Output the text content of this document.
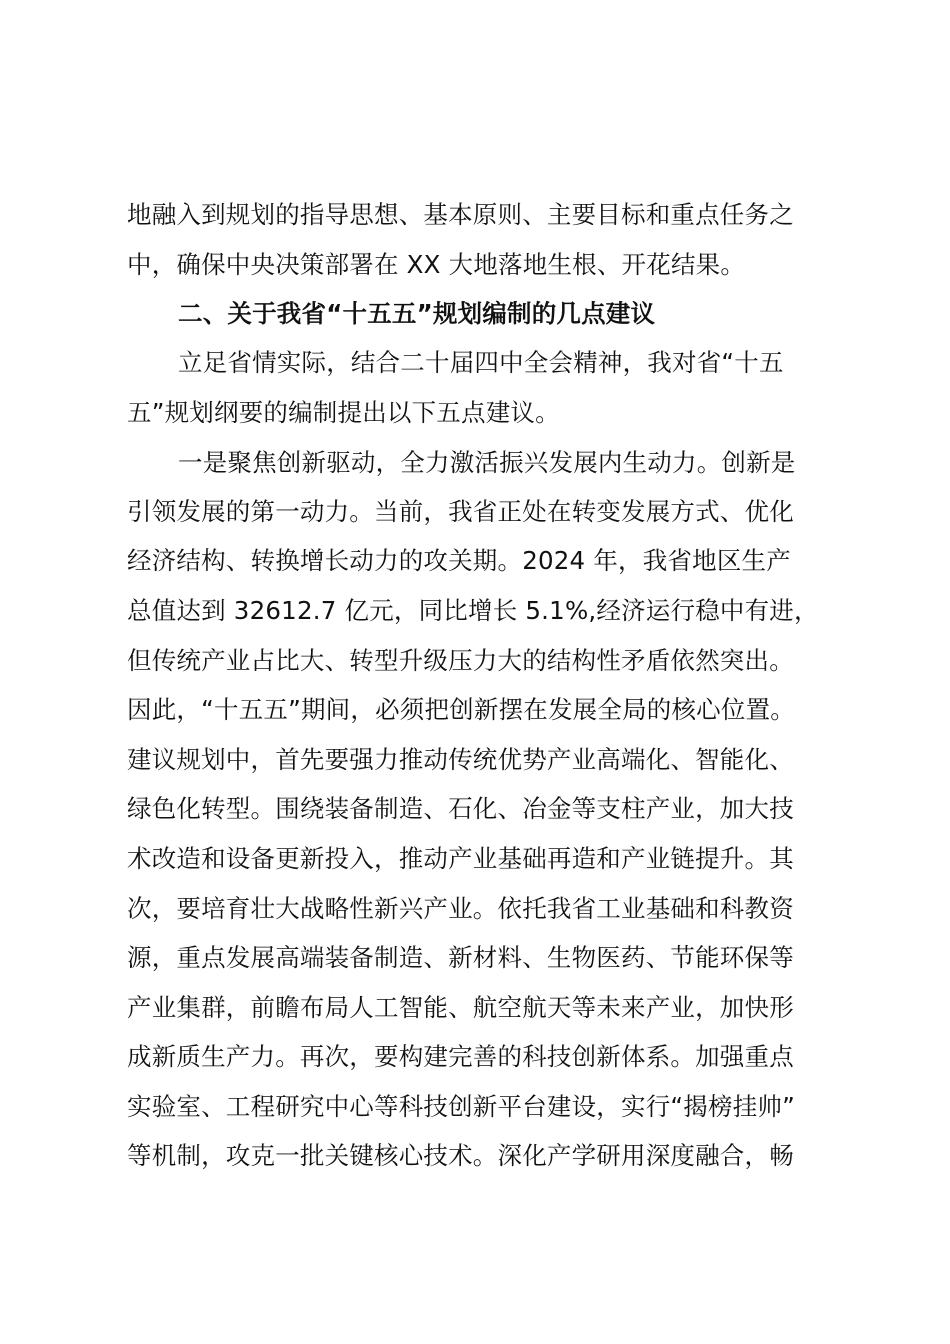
地融入到规划的指导思想、基本原则、主要目标和重点任务之
中，确保中央决策部署在 XX 大地落地生根、开花结果。
二、关于我省“十五五”规划编制的几点建议
立足省情实际，结合二十届四中全会精神，我对省“十五
五”规划纲要的编制提出以下五点建议。
一是聚焦创新驱动，全力激活振兴发展内生动力。创新是
引领发展的第一动力。当前，我省正处在转变发展方式、优化
经济结构、转换增长动力的攻关期。2024 年，我省地区生产
总值达到 32612.7 亿元，同比增长 5.1%,经济运行稳中有进，
但传统产业占比大、转型升级压力大的结构性矛盾依然突出。
因此，“十五五”期间，必须把创新摆在发展全局的核心位置。
建议规划中，首先要强力推动传统优势产业高端化、智能化、
绿色化转型。围绕装备制造、石化、冶金等支柱产业，加大技
术改造和设备更新投入，推动产业基础再造和产业链提升。其
次，要培育壮大战略性新兴产业。依托我省工业基础和科教资
源，重点发展高端装备制造、新材料、生物医药、节能环保等
产业集群，前瞻布局人工智能、航空航天等未来产业，加快形
成新质生产力。再次，要构建完善的科技创新体系。加强重点
实验室、工程研究中心等科技创新平台建设，实行“揭榜挂帅”
等机制，攻克一批关键核心技术。深化产学研用深度融合，畅
